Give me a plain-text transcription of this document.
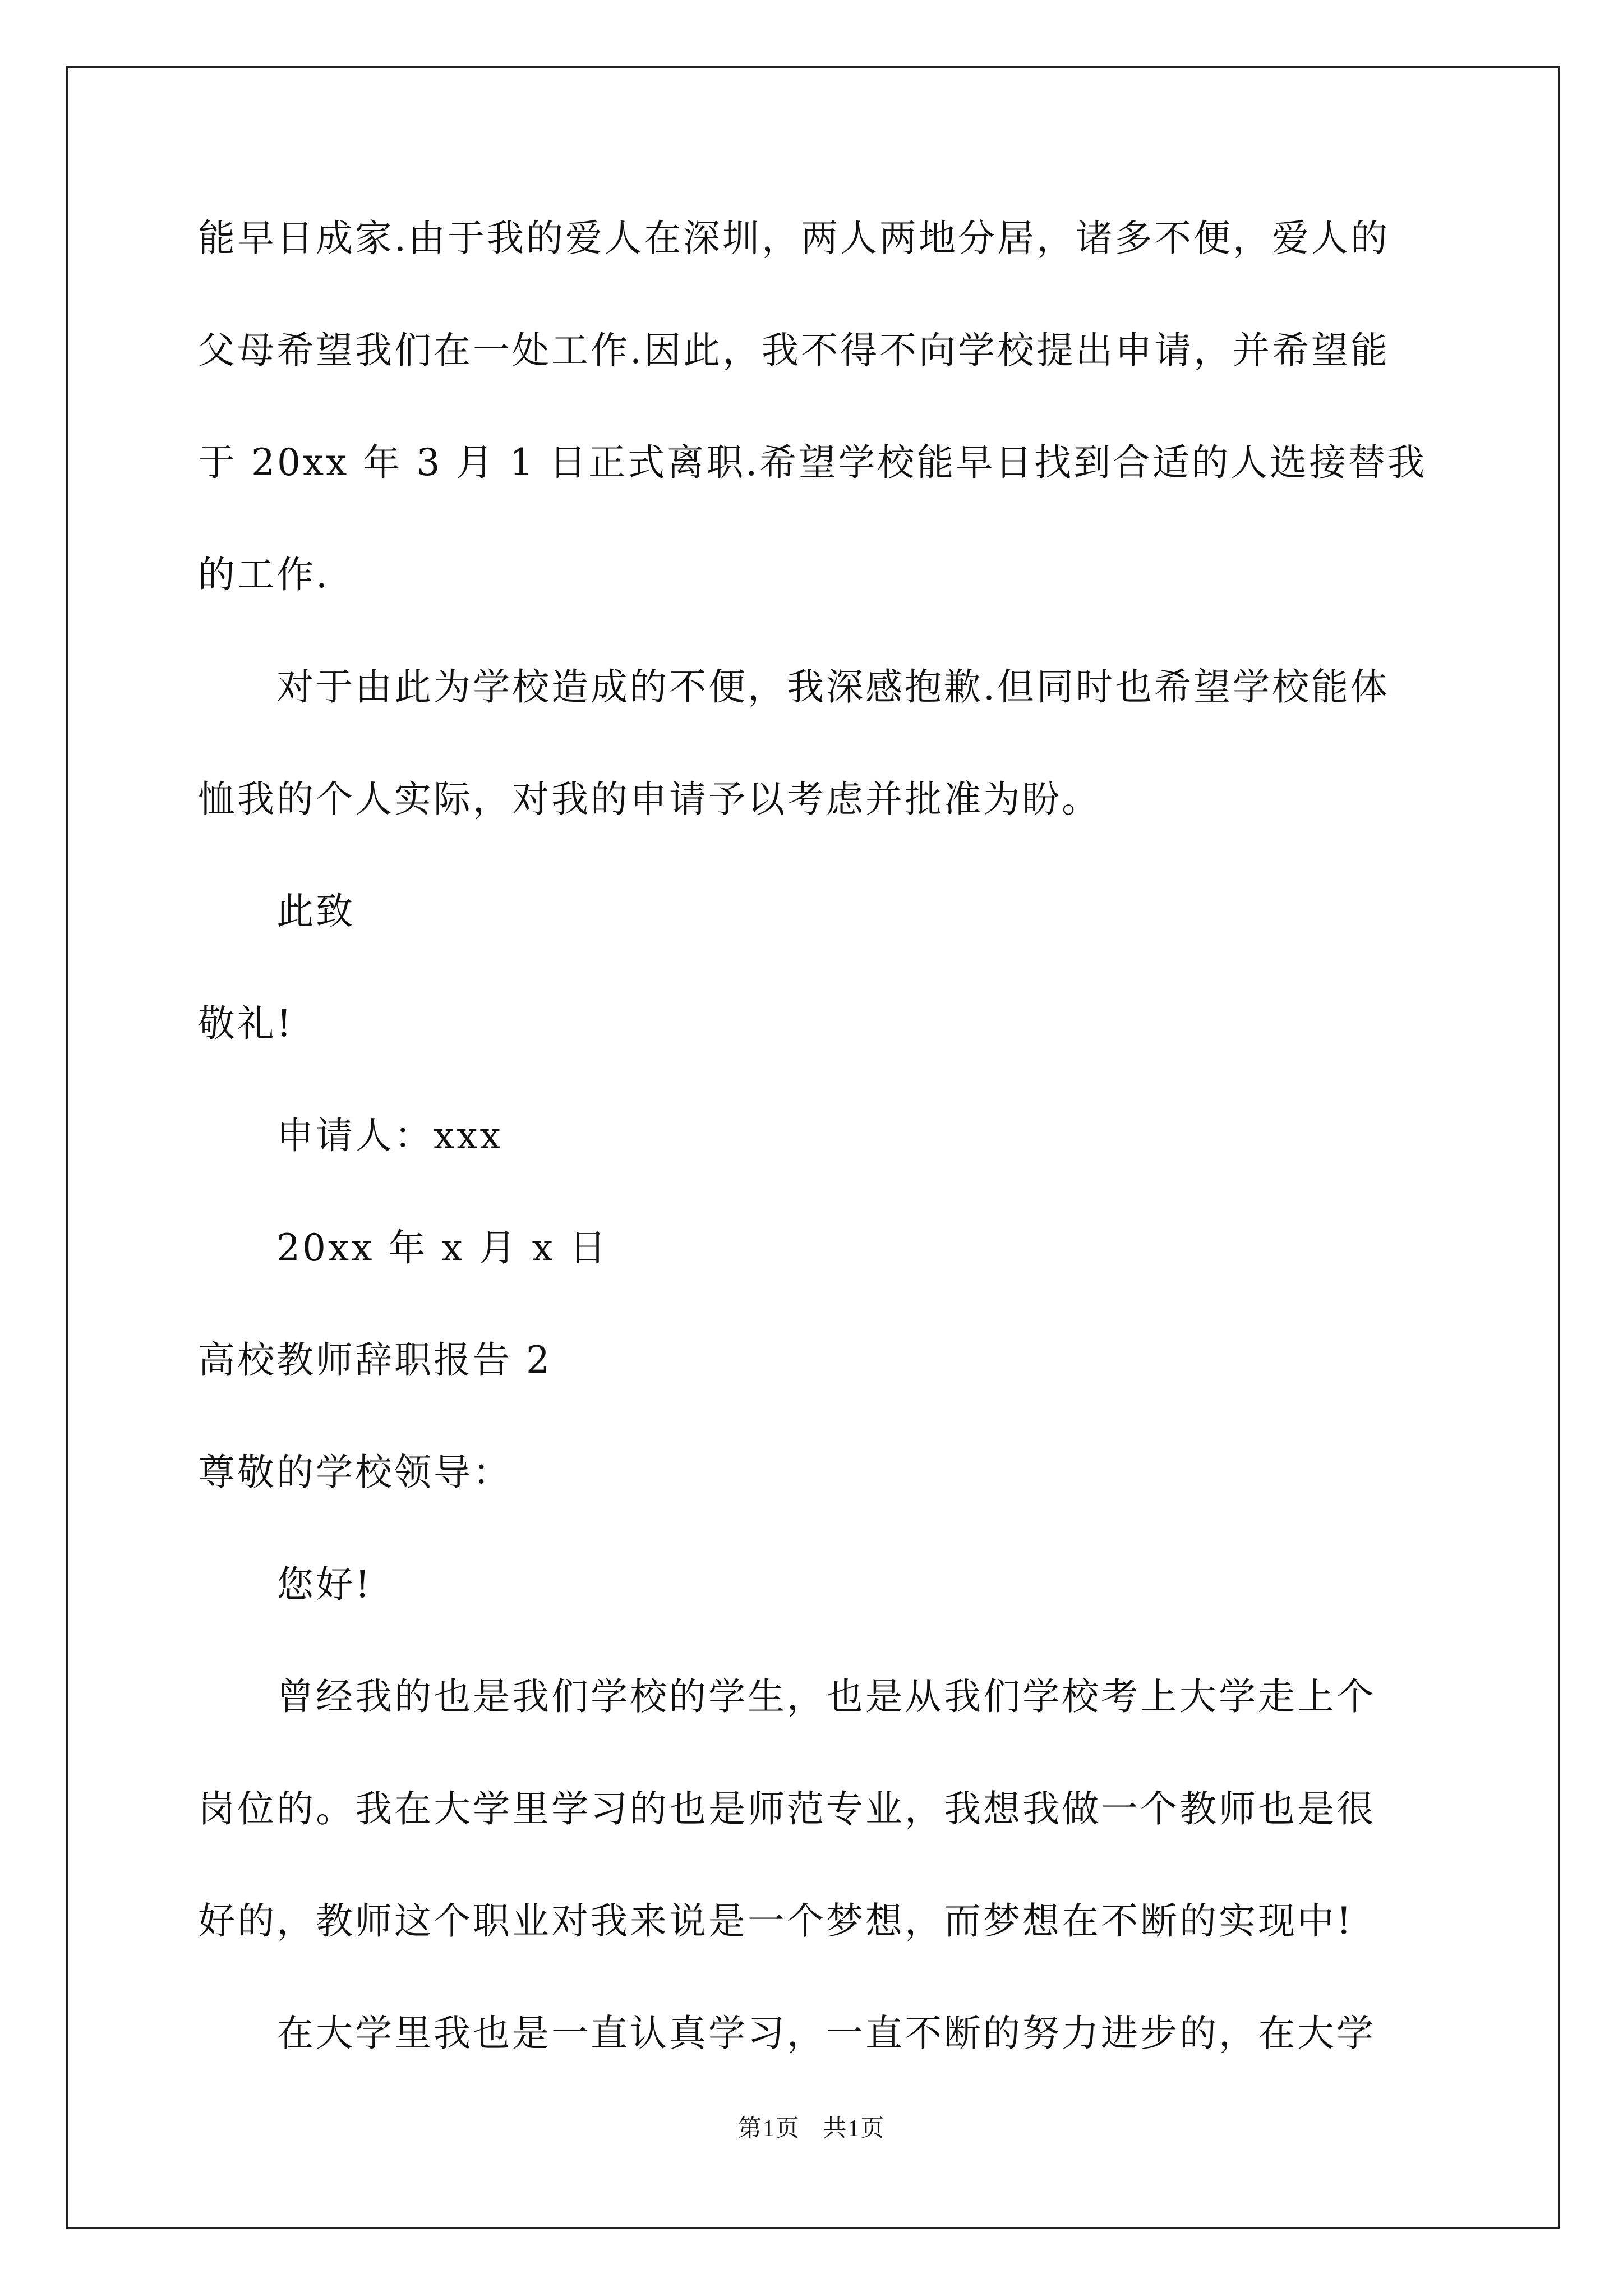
能早日成家.由于我的爱人在深圳，两人两地分居，诸多不便，爱人的
父母希望我们在一处工作.因此，我不得不向学校提出申请，并希望能
于 20xx 年 3 月 1 日正式离职.希望学校能早日找到合适的人选接替我
的工作.
对于由此为学校造成的不便，我深感抱歉.但同时也希望学校能体
恤我的个人实际，对我的申请予以考虑并批准为盼。
此致
敬礼!
申请人：xxx
20xx 年 x 月 x 日
高校教师辞职报告 2
尊敬的学校领导：
您好!
曾经我的也是我们学校的学生，也是从我们学校考上大学走上个
岗位的。我在大学里学习的也是师范专业，我想我做一个教师也是很
好的，教师这个职业对我来说是一个梦想，而梦想在不断的实现中!
在大学里我也是一直认真学习，一直不断的努力进步的，在大学
第1页 共1页
